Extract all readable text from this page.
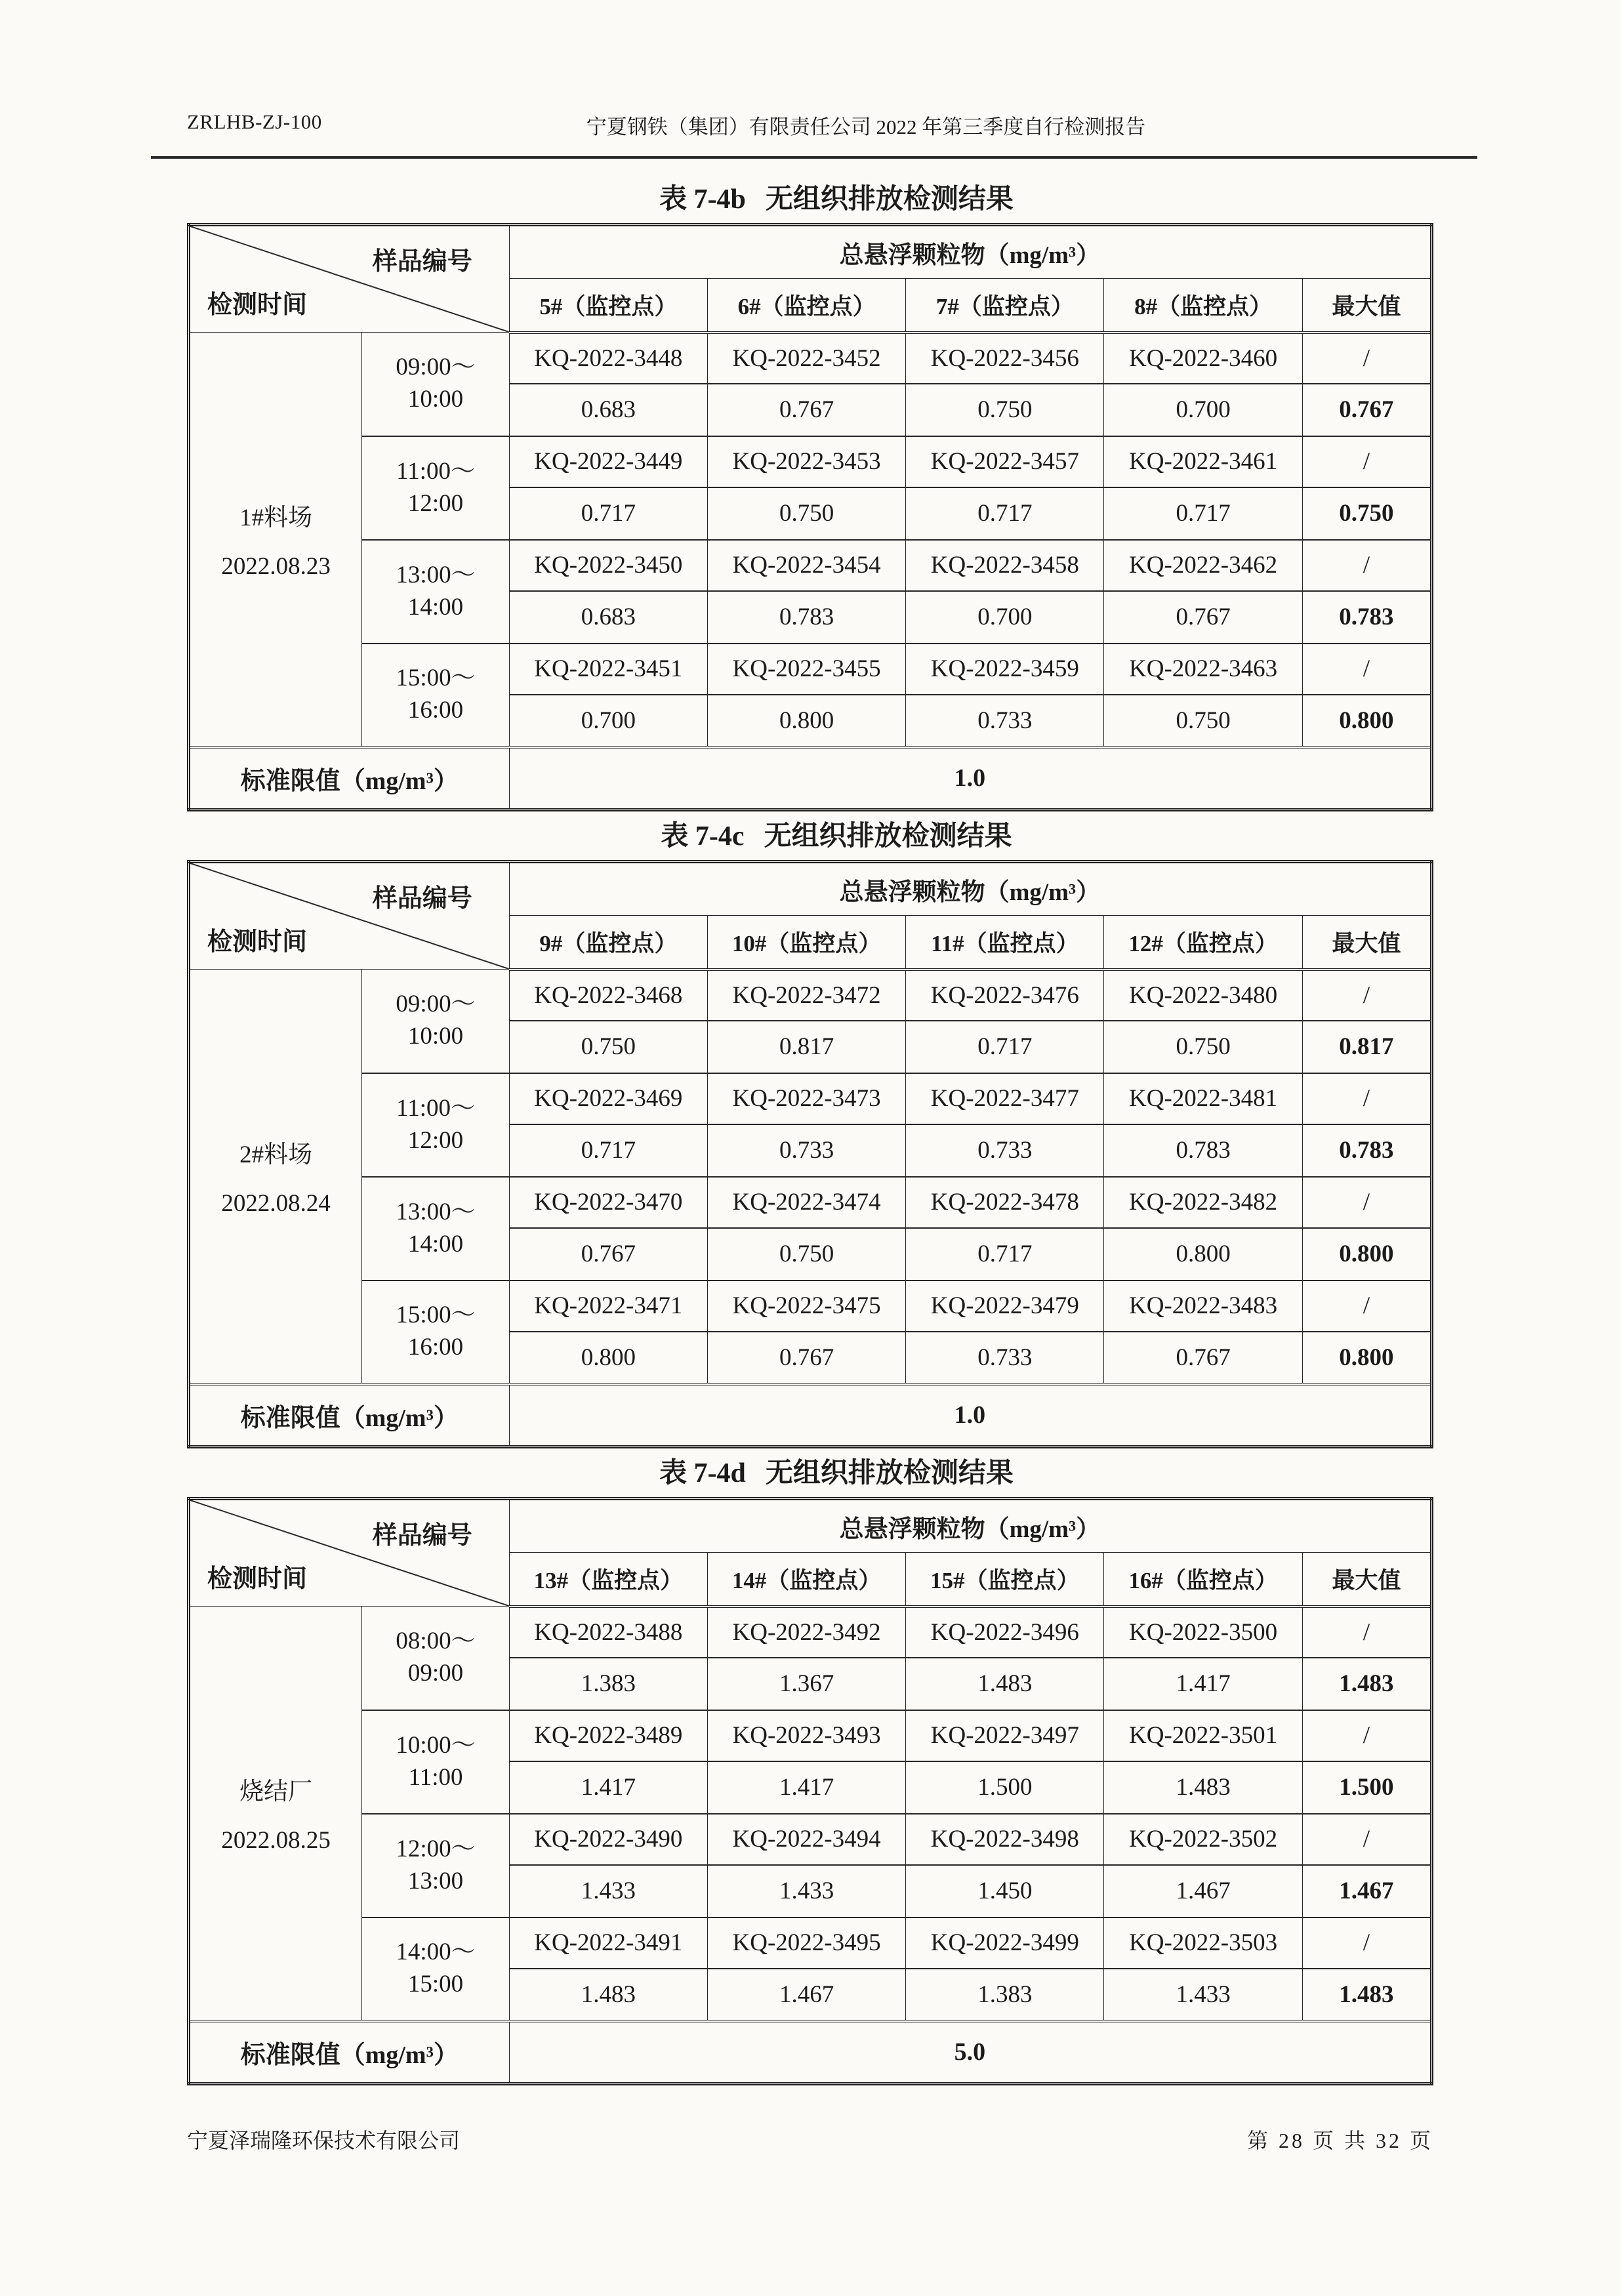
ZRLHB-ZJ-100	宁夏钢铁（集团）有限责任公司 2022 年第三季度自行检测报告
表 7-4b 无组织排放检测结果
样品编号
检测时间		总悬浮颗粒物（mg/m³）				
		5#（监控点）	6#（监控点）	7#（监控点）	8#（监控点）	最大值

1#料场
2022.08.23

09:00～
10:00
	KQ-2022-3448	KQ-2022-3452	KQ-2022-3456	KQ-2022-3460	/
		0.683	0.767	0.750	0.700	0.767

	11:00～
12:00	KQ-2022-3449	KQ-2022-3453	KQ-2022-3457	KQ-2022-3461	/
		0.717	0.750	0.717	0.717	0.750

	13:00～
14:00	KQ-2022-3450	KQ-2022-3454	KQ-2022-3458	KQ-2022-3462	/
		0.683	0.783	0.700	0.767	0.783

	15:00～
16:00	KQ-2022-3451	KQ-2022-3455	KQ-2022-3459	KQ-2022-3463	/
		0.700	0.800	0.733	0.750	0.800
标准限值（mg/m³）		1.0				
表 7-4c 无组织排放检测结果
样品编号
检测时间		总悬浮颗粒物（mg/m³）				
		9#（监控点）	10#（监控点）	11#（监控点）	12#（监控点）	最大值

2#料场
2022.08.24

09:00～
10:00
	KQ-2022-3468	KQ-2022-3472	KQ-2022-3476	KQ-2022-3480	/
		0.750	0.817	0.717	0.750	0.817

	11:00～
12:00	KQ-2022-3469	KQ-2022-3473	KQ-2022-3477	KQ-2022-3481	/
		0.717	0.733	0.733	0.783	0.783

	13:00～
14:00	KQ-2022-3470	KQ-2022-3474	KQ-2022-3478	KQ-2022-3482	/
		0.767	0.750	0.717	0.800	0.800

	15:00～
16:00	KQ-2022-3471	KQ-2022-3475	KQ-2022-3479	KQ-2022-3483	/
		0.800	0.767	0.733	0.767	0.800
标准限值（mg/m³）		1.0				
表 7-4d 无组织排放检测结果
样品编号
检测时间		总悬浮颗粒物（mg/m³）				
		13#（监控点）	14#（监控点）	15#（监控点）	16#（监控点）	最大值

烧结厂
2022.08.25

08:00～
09:00
	KQ-2022-3488	KQ-2022-3492	KQ-2022-3496	KQ-2022-3500	/
		1.383	1.367	1.483	1.417	1.483

	10:00～
11:00	KQ-2022-3489	KQ-2022-3493	KQ-2022-3497	KQ-2022-3501	/
		1.417	1.417	1.500	1.483	1.500

	12:00～
13:00	KQ-2022-3490	KQ-2022-3494	KQ-2022-3498	KQ-2022-3502	/
		1.433	1.433	1.450	1.467	1.467

	14:00～
15:00	KQ-2022-3491	KQ-2022-3495	KQ-2022-3499	KQ-2022-3503	/
		1.483	1.467	1.383	1.433	1.483
标准限值（mg/m³）		5.0				
宁夏泽瑞隆环保技术有限公司	第 28 页 共 32 页
